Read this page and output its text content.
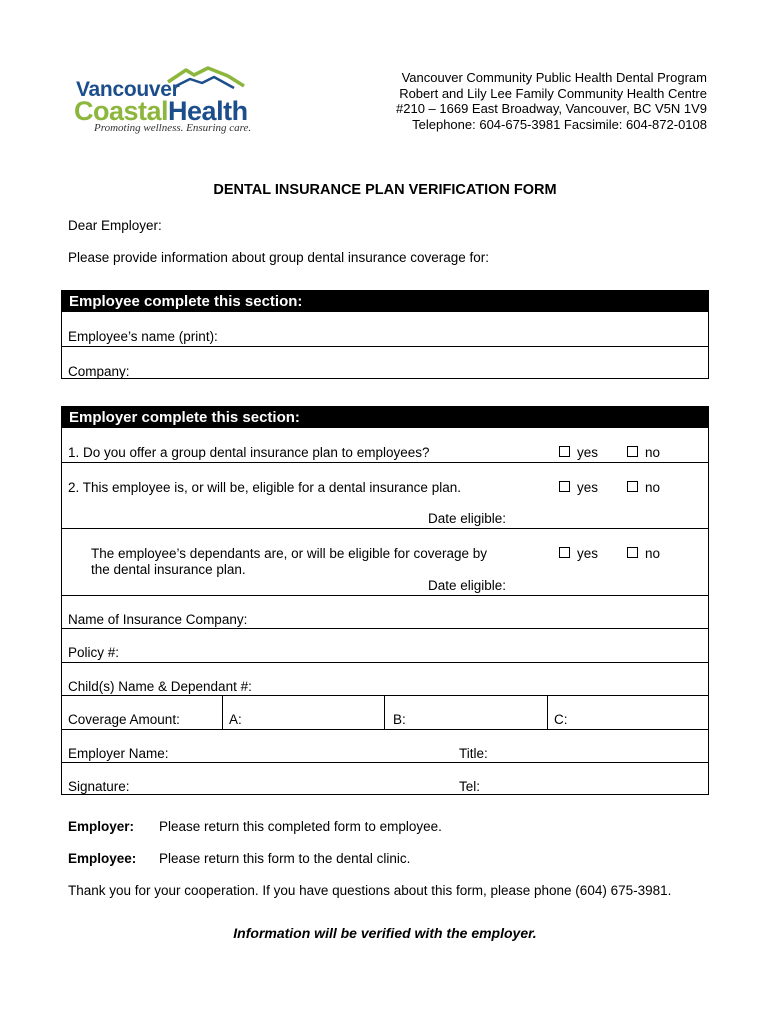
Vancouver
CoastalHealth
Promoting wellness. Ensuring care.
Vancouver Community Public Health Dental Program
Robert and Lily Lee Family Community Health Centre
#210 – 1669 East Broadway, Vancouver, BC V5N 1V9
Telephone: 604-675-3981 Facsimile: 604-872-0108
DENTAL INSURANCE PLAN VERIFICATION FORM
Dear Employer:
Please provide information about group dental insurance coverage for:
Employee complete this section:
Employee’s name (print):
Company:
Employer complete this section:
1. Do you offer a group dental insurance plan to employees?	yes	no
2. This employee is, or will be, eligible for a dental insurance plan.	yes	no
Date eligible:
The employee’s dependants are, or will be eligible for coverage by
the dental insurance plan.
yes	no
Date eligible:
Name of Insurance Company:
Policy #:
Child(s) Name & Dependant #:
Coverage Amount:	A:	B:	C:
Employer Name:	Title:
Signature:	Tel:
Employer: Please return this completed form to employee.
Employee: Please return this form to the dental clinic.
Thank you for your cooperation. If you have questions about this form, please phone (604) 675-3981.
Information will be verified with the employer.
